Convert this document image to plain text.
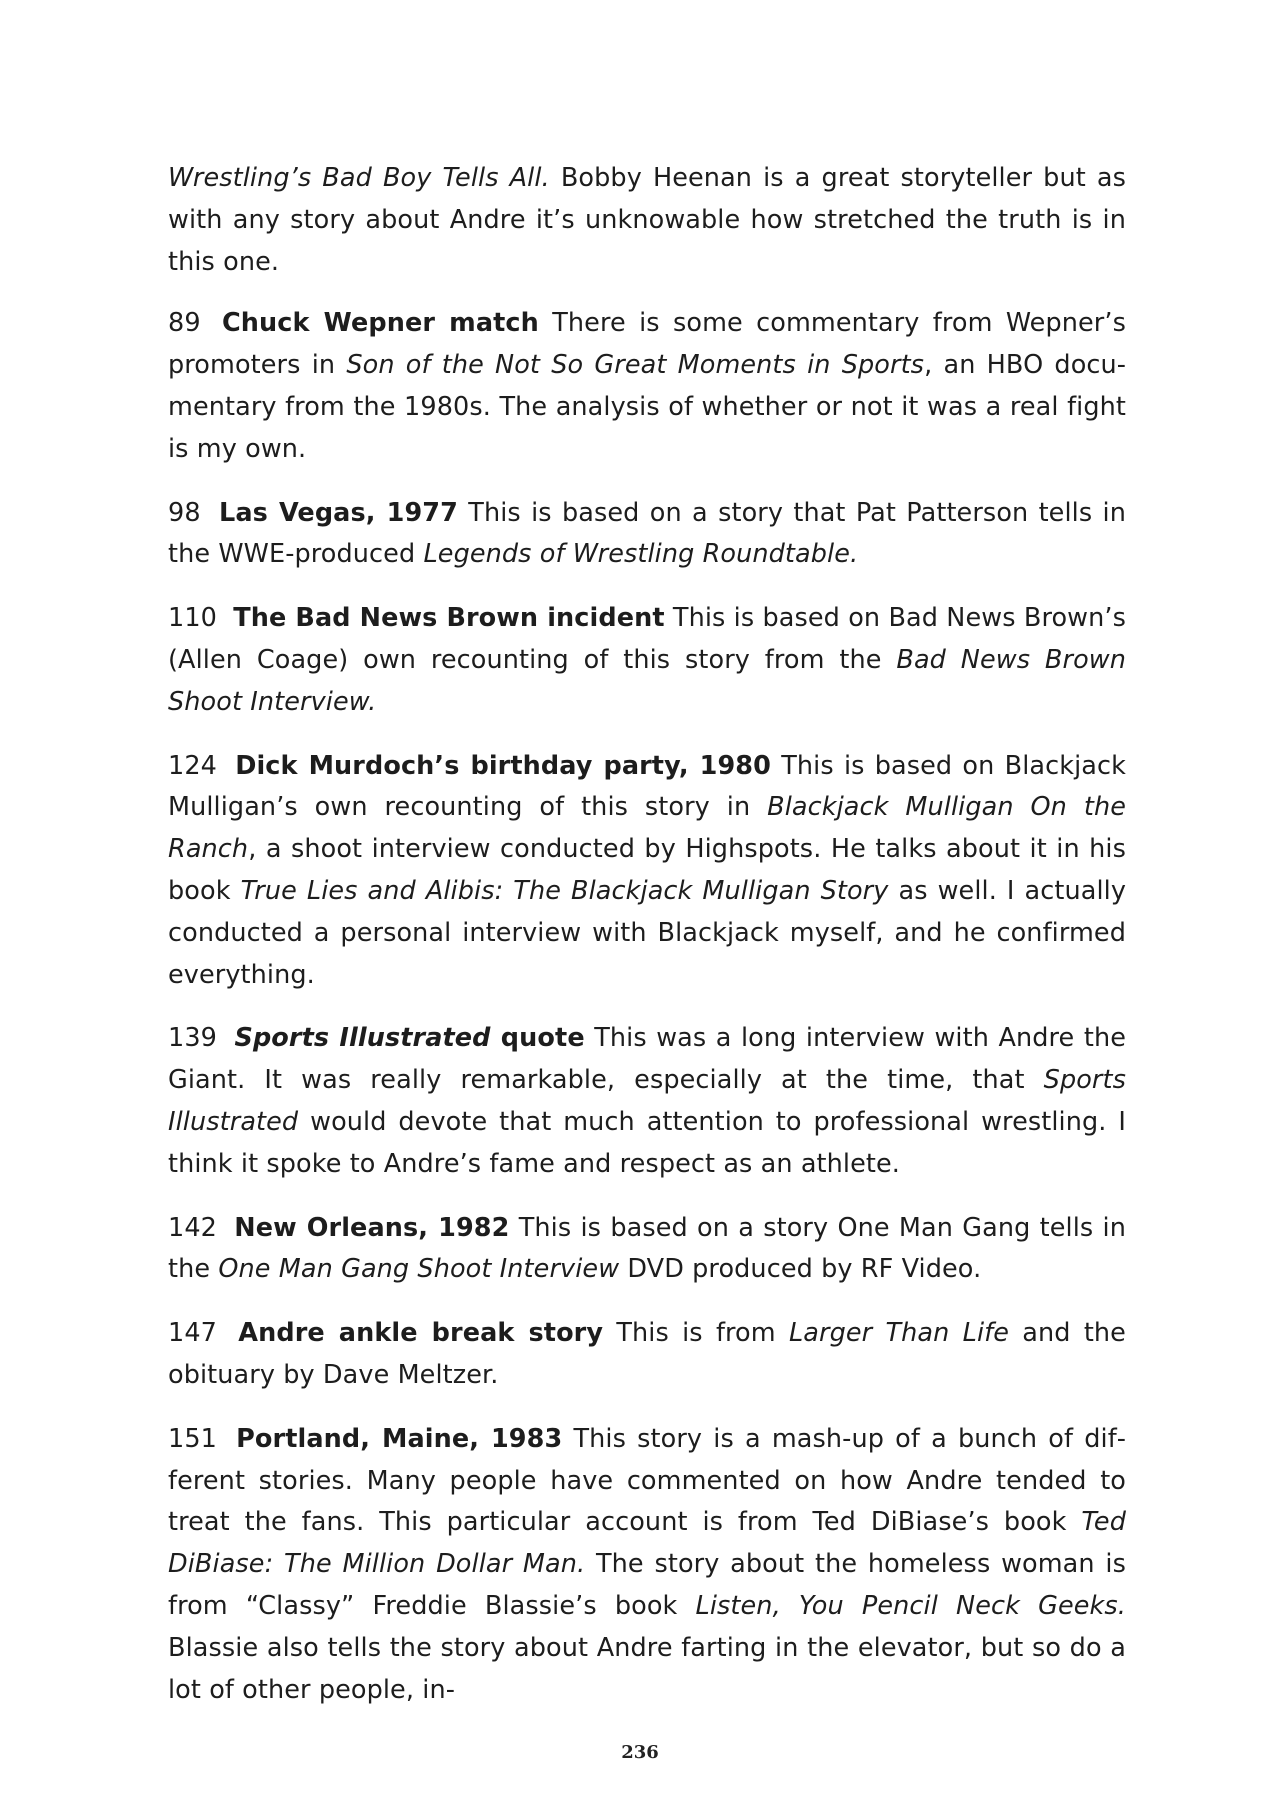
Wrestling’s Bad Boy Tells All. Bobby Heenan is a great storyteller but as with any story about Andre it’s unknowable how stretched the truth is in this one.

89 Chuck Wepner match There is some commentary from Wepner’s promoters in Son of the Not So Great Moments in Sports, an HBO documentary from the 1980s. The analysis of whether or not it was a real fight is my own.

98 Las Vegas, 1977 This is based on a story that Pat Patterson tells in the WWE-produced Legends of Wrestling Roundtable.

110 The Bad News Brown incident This is based on Bad News Brown’s (Allen Coage) own recounting of this story from the Bad News Brown Shoot Interview.

124 Dick Murdoch’s birthday party, 1980 This is based on Blackjack Mulligan’s own recounting of this story in Blackjack Mulligan On the Ranch, a shoot interview conducted by Highspots. He talks about it in his book True Lies and Alibis: The Blackjack Mulligan Story as well. I actually conducted a personal interview with Blackjack myself, and he confirmed everything.

139 Sports Illustrated quote This was a long interview with Andre the Giant. It was really remarkable, especially at the time, that Sports Illustrated would devote that much attention to professional wrestling. I think it spoke to Andre’s fame and respect as an athlete.

142 New Orleans, 1982 This is based on a story One Man Gang tells in the One Man Gang Shoot Interview DVD produced by RF Video.

147 Andre ankle break story This is from Larger Than Life and the obituary by Dave Meltzer.

151 Portland, Maine, 1983 This story is a mash-up of a bunch of different stories. Many people have commented on how Andre tended to treat the fans. This particular account is from Ted DiBiase’s book Ted DiBiase: The Million Dollar Man. The story about the homeless woman is from “Classy” Freddie Blassie’s book Listen, You Pencil Neck Geeks. Blassie also tells the story about Andre farting in the elevator, but so do a lot of other people, in-

236
